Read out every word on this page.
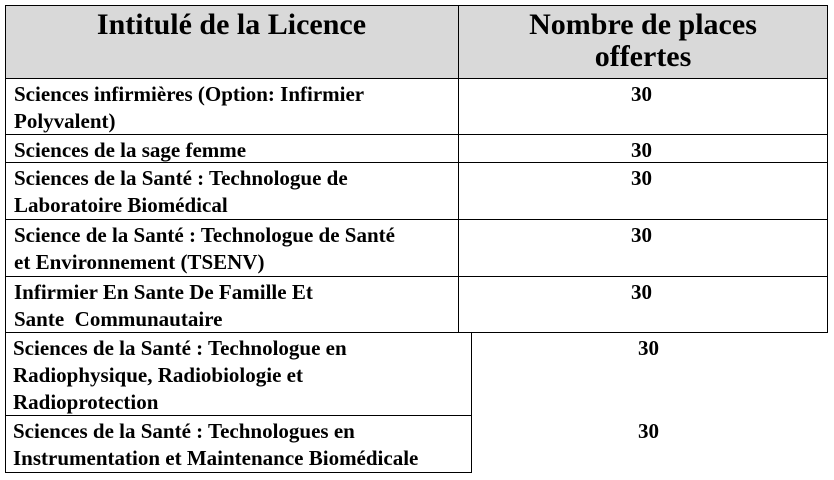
Intitulé de la Licence	Nombre de places
offertes
Sciences infirmières (Option: Infirmier
Polyvalent)
30
Sciences de la sage femme	30
Sciences de la Santé : Technologue de
Laboratoire Biomédical
30
Science de la Santé : Technologue de Santé
et Environnement (TSENV)
30
Infirmier En Sante De Famille Et
Sante  Communautaire
30
Sciences de la Santé : Technologue en
Radiophysique, Radiobiologie et
Radioprotection
30
Sciences de la Santé : Technologues en
Instrumentation et Maintenance Biomédicale
30
